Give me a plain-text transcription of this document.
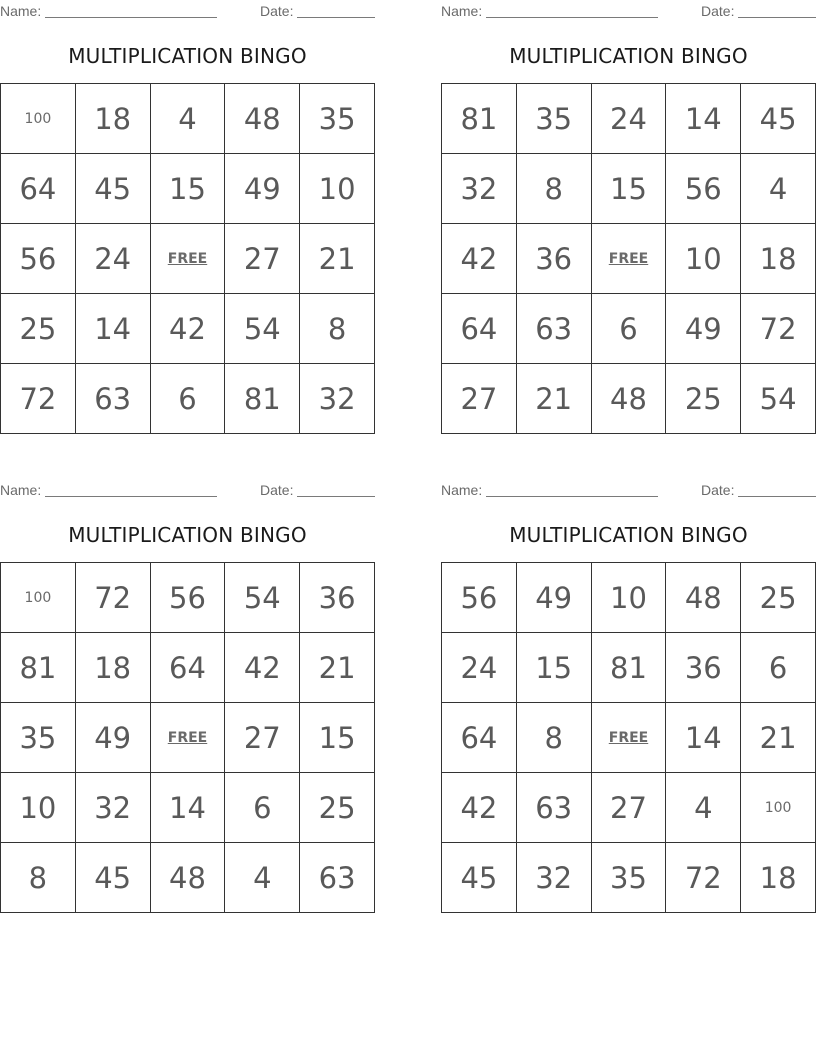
Name:	Date:
MULTIPLICATION BINGO
100	18	4	48	35
64	45	15	49	10
56	24	FREE	27	21
25	14	42	54	8
72	63	6	81	32
Name:	Date:
MULTIPLICATION BINGO
81	35	24	14	45
32	8	15	56	4
42	36	FREE	10	18
64	63	6	49	72
27	21	48	25	54
Name:	Date:
MULTIPLICATION BINGO
100	72	56	54	36
81	18	64	42	21
35	49	FREE	27	15
10	32	14	6	25
8	45	48	4	63
Name:	Date:
MULTIPLICATION BINGO
56	49	10	48	25
24	15	81	36	6
64	8	FREE	14	21
42	63	27	4	100
45	32	35	72	18
